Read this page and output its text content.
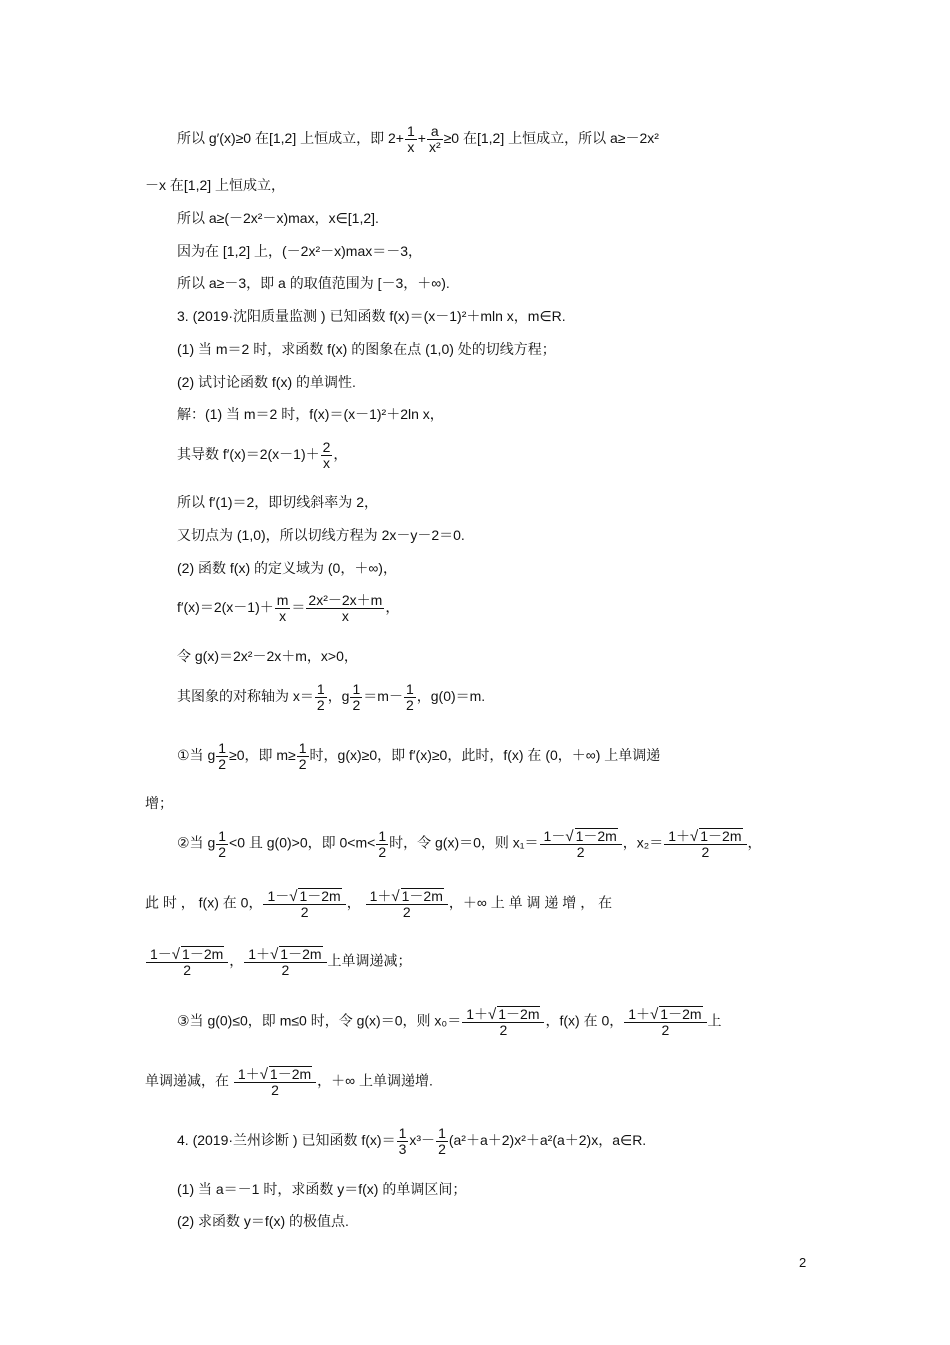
所以 g′(x)≥0 在[1,2] 上恒成立，即 $2+ \frac{1}{x} + \frac{a}{\text{x²}} \ge 0$ 在[1,2] 上恒成立，所以 a≥－2x²
－x 在[1,2] 上恒成立，
所以 a≥(－2x²－x)max，x∈[1,2].
因为在 [1,2] 上，(－2x²－x)max＝－3，
所以 a≥－3，即 a 的取值范围为 [－3，＋∞).
3. (2019·沈阳质量监测 ) 已知函数 f(x)＝(x－1)²＋mln x，m∈R.
(1) 当 m＝2 时，求函数 f(x) 的图象在点 (1,0) 处的切线方程；
(2) 试讨论函数 f(x) 的单调性.
解：(1) 当 m＝2 时，f(x)＝(x－1)²＋2ln x，
其导数 $f'(x)=2(x-1)+ \frac{2}{x}$ ，
所以 f′(1)＝2，即切线斜率为 2，
又切点为 (1,0)，所以切线方程为 2x－y－2＝0.
(2) 函数 f(x) 的定义域为 (0，＋∞)，
$f'(x)=2(x-1)+ \frac{m}{x} = \frac{\text{2x²－2x＋m}}{x}$ ，
令 g(x)＝2x²－2x＋m，x>0，
其图象的对称轴为 $x= \frac{1}{2}$ ，g $\frac{1}{2} =m- \frac{1}{2}$ ，g(0)＝m.
①当 g $\frac{1}{2} \ge 0$，即 $m\ge \frac{1}{2}$ 时，g(x)≥0，即 f′(x)≥0，此时，f(x) 在 (0，＋∞) 上单调递
增；
②当 g $\frac{1}{2} <0$ 且 g(0)>0，即 $0<m< \frac{1}{2}$ 时，令 g(x)＝0，则 $x_1= \frac{1-√ 1-2m}{2}$ ，$x_2= \frac{1+√ 1-2m}{2}$ ，
此 时 ， f(x) 在 0， $\frac{1-√ 1-2m}{2}$ ， $\frac{1+√ 1-2m}{2}$ ，＋∞ 上 单 调 递 增 ， 在
$\frac{1-√ 1-2m}{2}$ ， $\frac{1+√ 1-2m}{2}$ 上单调递减；
③当 g(0)≤0，即 m≤0 时，令 g(x)＝0，则 $x_0= \frac{1+√ 1-2m}{2}$ ，f(x) 在 0， $\frac{1+√ 1-2m}{2}$ 上
单调递减，在 $\frac{1+√ 1-2m}{2}$ ，＋∞ 上单调递增.
4. (2019·兰州诊断 ) 已知函数 $f(x)= \frac{1}{3} x^3- \frac{1}{2} (a^2+a+2)x^2+a^2(a+2)x$，a∈R.
(1) 当 a＝－1 时，求函数 y＝f(x) 的单调区间；
(2) 求函数 y＝f(x) 的极值点.
2
